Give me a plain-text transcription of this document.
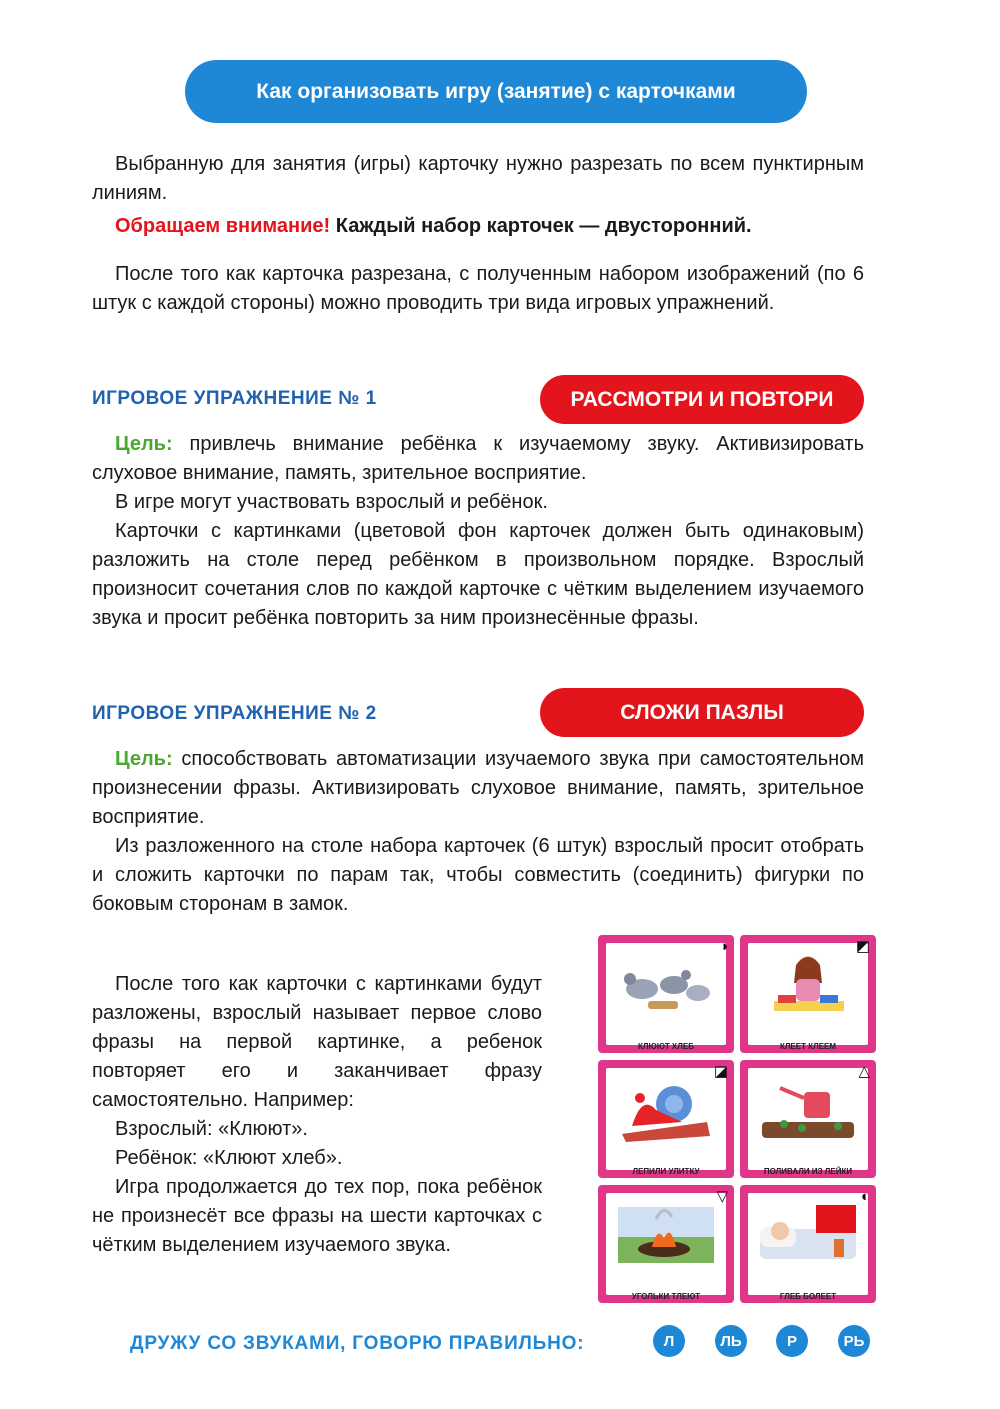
Как организовать игру (занятие) с карточками

Выбранную для занятия (игры) карточку нужно разрезать по всем пунктирным линиям.

Обращаем внимание! Каждый набор карточек — двусторонний.

После того как карточка разрезана, с полученным набором изображений (по 6 штук с каждой стороны) можно проводить три вида игровых упражнений.

ИГРОВОЕ УПРАЖНЕНИЕ № 1	РАССМОТРИ И ПОВТОРИ

Цель: привлечь внимание ребёнка к изучаемому звуку. Активизировать слуховое внимание, память, зрительное восприятие.

В игре могут участвовать взрослый и ребёнок.

Карточки с картинками (цветовой фон карточек должен быть одинаковым) разложить на столе перед ребёнком в произвольном порядке. Взрослый произносит сочетания слов по каждой карточке с чётким выделением изучаемого звука и просит ребёнка повторить за ним произнесённые фразы.

ИГРОВОЕ УПРАЖНЕНИЕ № 2	СЛОЖИ ПАЗЛЫ

Цель: способствовать автоматизации изучаемого звука при самостоятельном произнесении фразы. Активизировать слуховое внимание, память, зрительное восприятие.

Из разложенного на столе набора карточек (6 штук) взрослый просит отобрать и сложить карточки по парам так, чтобы совместить (соединить) фигурки по боковым сторонам в замок.

После того как карточки с картинками будут разложены, взрослый называет первое слово фразы на первой картинке, а ребенок повторяет его и заканчивает фразу самостоятельно. Например:

Взрослый: «Клюют».

Ребёнок: «Клюют хлеб».

Игра продолжается до тех пор, пока ребёнок не произнесёт все фразы на шести карточках с чётким выделением изучаемого звука.

◑
КЛЮЮТ ХЛЕБ
◩
КЛЕЕТ КЛЕЕМ
◪
ЛЕПИЛИ УЛИТКУ
△
ПОЛИВАЛИ ИЗ ЛЕЙКИ
▽
УГОЛЬКИ ТЛЕЮТ
◐
ГЛЕБ БОЛЕЕТ
ДРУЖУ СО ЗВУКАМИ, ГОВОРЮ ПРАВИЛЬНО:	Л	ЛЬ	Р	РЬ
